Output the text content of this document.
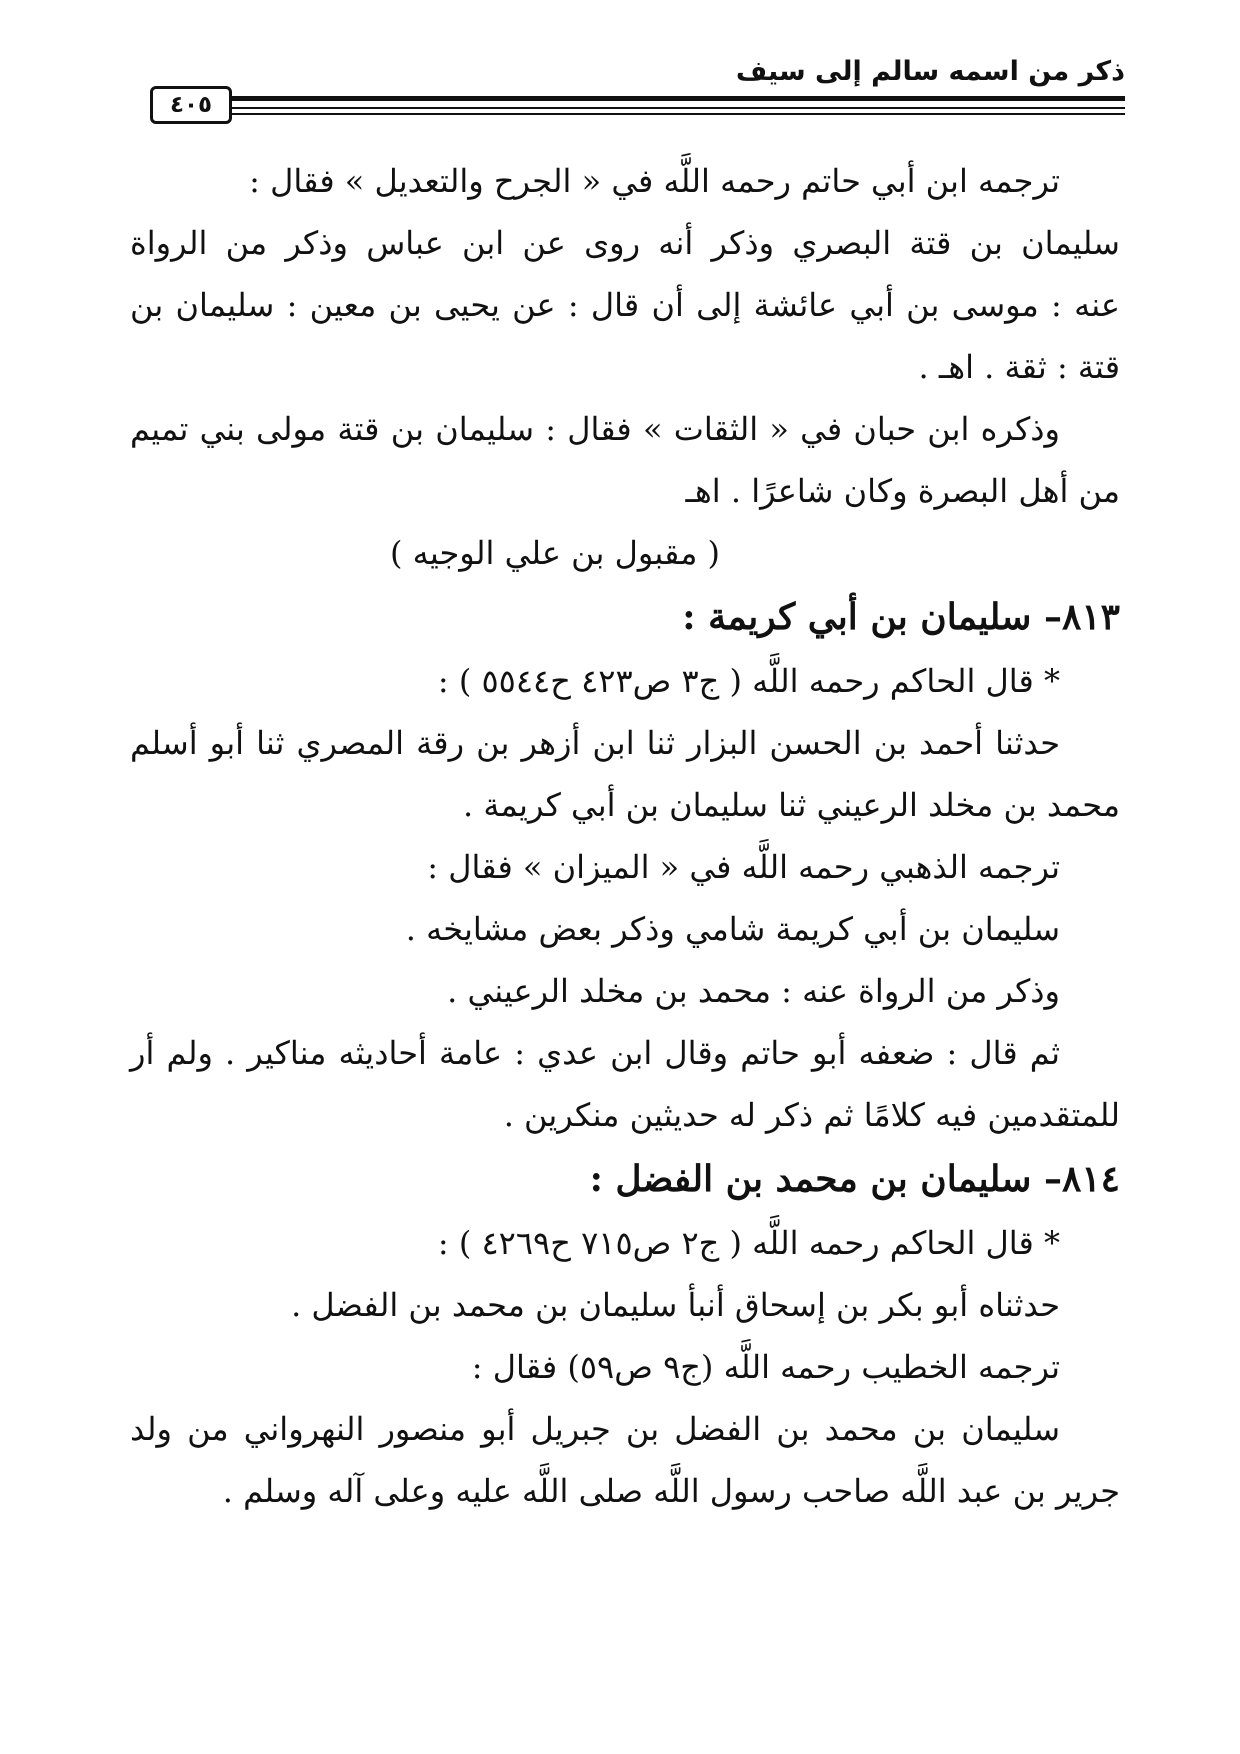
ذكر من اسمه سالم إلى سيف
٤٠٥
ترجمه ابن أبي حاتم رحمه اللَّه في « الجرح والتعديل » فقال :
سليمان بن قتة البصري وذكر أنه روى عن ابن عباس وذكر من الرواة
عنه : موسى بن أبي عائشة إلى أن قال : عن يحيى بن معين : سليمان بن
قتة : ثقة . اهـ .
وذكره ابن حبان في « الثقات » فقال : سليمان بن قتة مولى بني تميم
من أهل البصرة وكان شاعرًا . اهـ
( مقبول بن علي الوجيه )
٨١٣– سليمان بن أبي كريمة :
* قال الحاكم رحمه اللَّه ( ج٣ ص٤٢٣ ح٥٥٤٤ ) :
حدثنا أحمد بن الحسن البزار ثنا ابن أزهر بن رقة المصري ثنا أبو أسلم
محمد بن مخلد الرعيني ثنا سليمان بن أبي كريمة .
ترجمه الذهبي رحمه اللَّه في « الميزان » فقال :
سليمان بن أبي كريمة شامي وذكر بعض مشايخه .
وذكر من الرواة عنه : محمد بن مخلد الرعيني .
ثم قال : ضعفه أبو حاتم وقال ابن عدي : عامة أحاديثه مناكير . ولم أر
للمتقدمين فيه كلامًا ثم ذكر له حديثين منكرين .
٨١٤– سليمان بن محمد بن الفضل :
* قال الحاكم رحمه اللَّه ( ج٢ ص٧١٥ ح٤٢٦٩ ) :
حدثناه أبو بكر بن إسحاق أنبأ سليمان بن محمد بن الفضل .
ترجمه الخطيب رحمه اللَّه (ج٩ ص٥٩) فقال :
سليمان بن محمد بن الفضل بن جبريل أبو منصور النهرواني من ولد
جرير بن عبد اللَّه صاحب رسول اللَّه صلى اللَّه عليه وعلى آله وسلم .
